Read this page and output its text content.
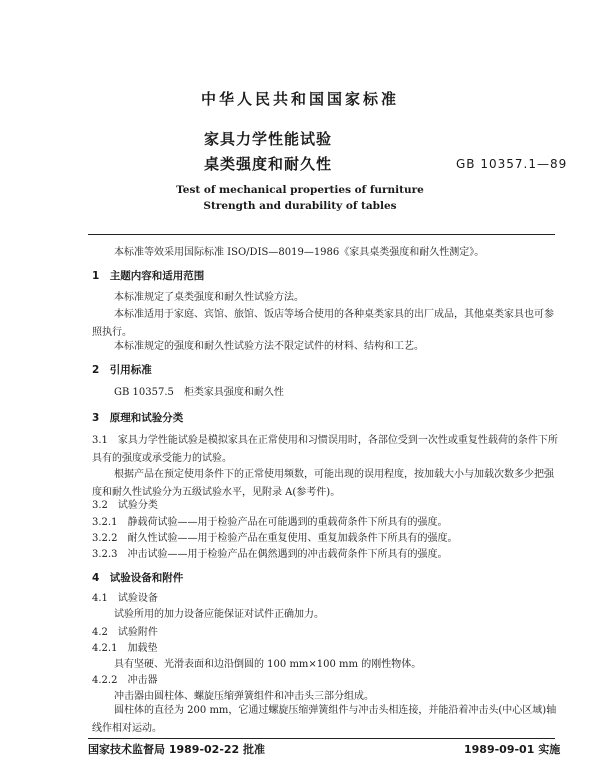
中华人民共和国国家标准
家具力学性能试验
桌类强度和耐久性	GB 10357.1—89
Test of mechanical properties of furniture
Strength and durability of tables
本标准等效采用国际标准 ISO/DIS—8019—1986《家具桌类强度和耐久性测定》。
1　主题内容和适用范围
本标准规定了桌类强度和耐久性试验方法。
本标准适用于家庭、宾馆、旅馆、饭店等场合使用的各种桌类家具的出厂成品，其他桌类家具也可参照执行。
本标准规定的强度和耐久性试验方法不限定试件的材料、结构和工艺。
2　引用标准
GB 10357.5　柜类家具强度和耐久性
3　原理和试验分类
3.1　家具力学性能试验是模拟家具在正常使用和习惯误用时，各部位受到一次性或重复性载荷的条件下所具有的强度或承受能力的试验。
根据产品在预定使用条件下的正常使用频数，可能出现的误用程度，按加载大小与加载次数多少把强度和耐久性试验分为五级试验水平，见附录 A(参考件)。
3.2　试验分类
3.2.1　静载荷试验——用于检验产品在可能遇到的重载荷条件下所具有的强度。
3.2.2　耐久性试验——用于检验产品在重复使用、重复加载条件下所具有的强度。
3.2.3　冲击试验——用于检验产品在偶然遇到的冲击载荷条件下所具有的强度。
4　试验设备和附件
4.1　试验设备
试验所用的加力设备应能保证对试件正确加力。
4.2　试验附件
4.2.1　加载垫
具有坚硬、光滑表面和边沿倒圆的 100 mm×100 mm 的刚性物体。
4.2.2　冲击器
冲击器由圆柱体、螺旋压缩弹簧组件和冲击头三部分组成。
圆柱体的直径为 200 mm，它通过螺旋压缩弹簧组件与冲击头相连接，并能沿着冲击头(中心区域)轴线作相对运动。
国家技术监督局 1989-02-22 批准	1989-09-01 实施
